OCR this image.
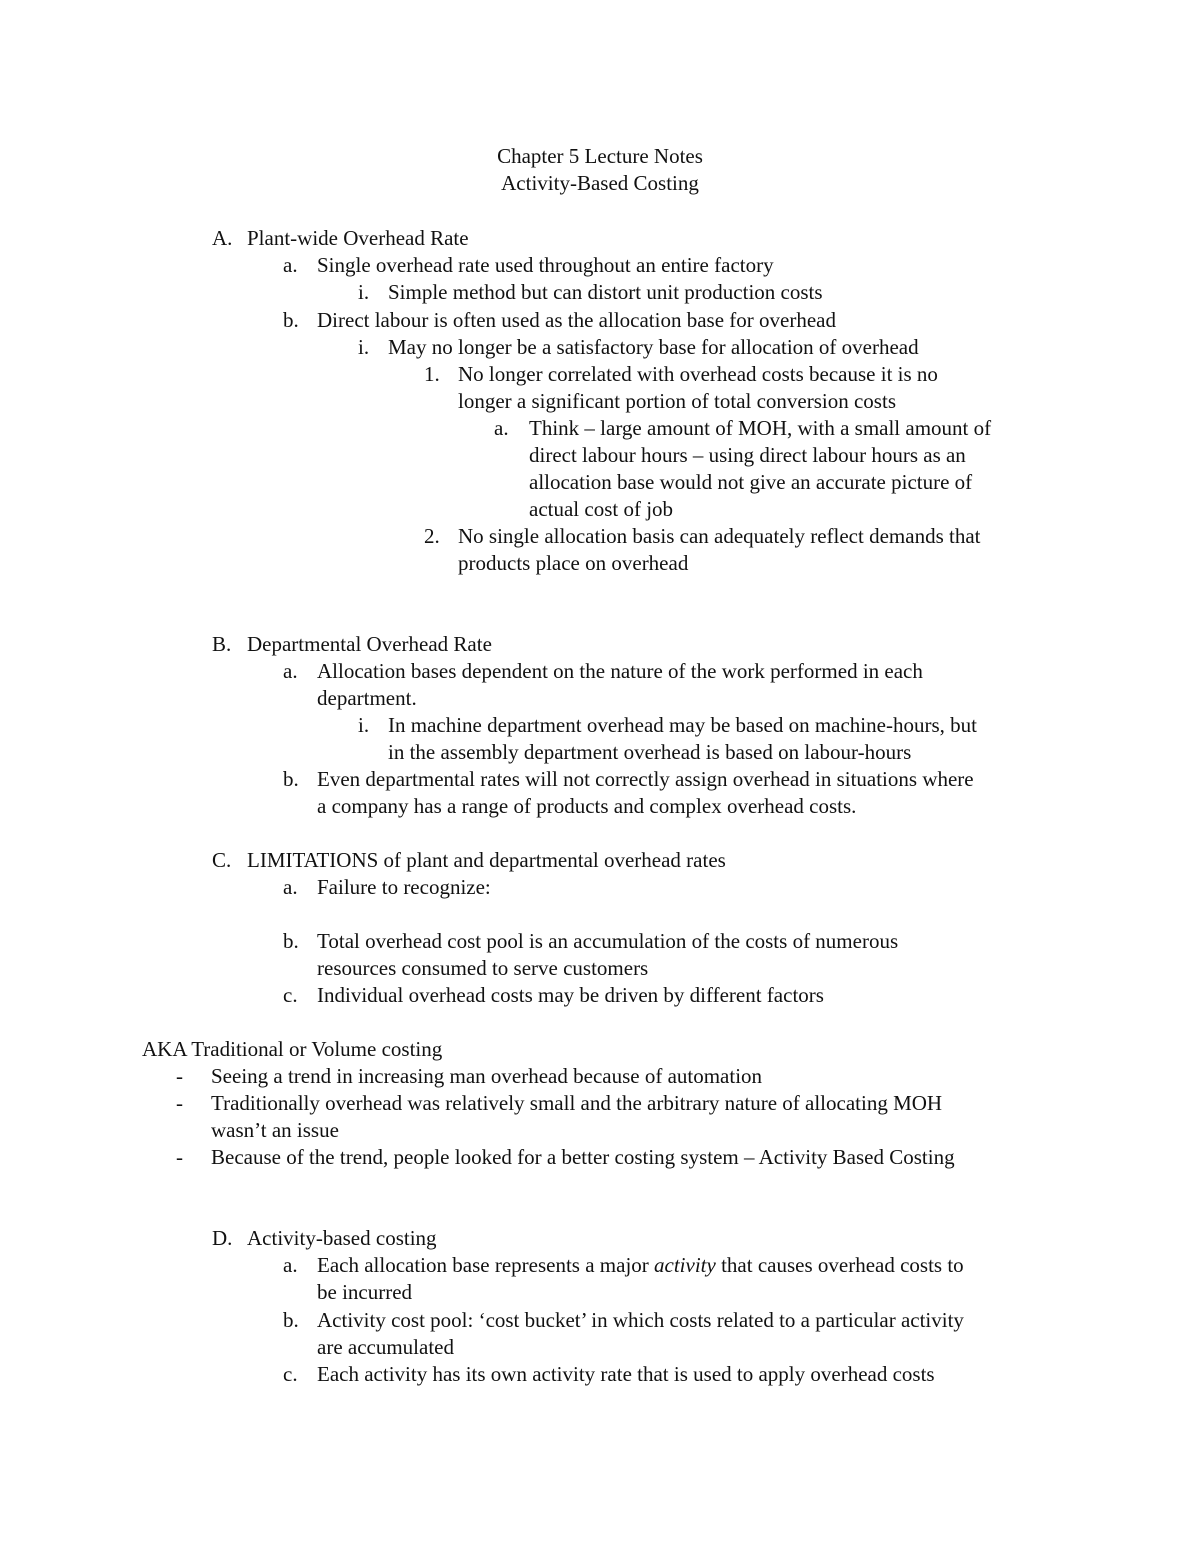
Chapter 5 Lecture Notes
Activity-Based Costing
A. Plant-wide Overhead Rate
a. Single overhead rate used throughout an entire factory
i. Simple method but can distort unit production costs
b. Direct labour is often used as the allocation base for overhead
i. May no longer be a satisfactory base for allocation of overhead
1. No longer correlated with overhead costs because it is no
longer a significant portion of total conversion costs
a. Think – large amount of MOH, with a small amount of
direct labour hours – using direct labour hours as an
allocation base would not give an accurate picture of
actual cost of job
2. No single allocation basis can adequately reflect demands that
products place on overhead
B. Departmental Overhead Rate
a. Allocation bases dependent on the nature of the work performed in each
department.
i. In machine department overhead may be based on machine-hours, but
in the assembly department overhead is based on labour-hours
b. Even departmental rates will not correctly assign overhead in situations where
a company has a range of products and complex overhead costs.
C. LIMITATIONS of plant and departmental overhead rates
a. Failure to recognize:
b. Total overhead cost pool is an accumulation of the costs of numerous
resources consumed to serve customers
c. Individual overhead costs may be driven by different factors
AKA Traditional or Volume costing
- Seeing a trend in increasing man overhead because of automation
- Traditionally overhead was relatively small and the arbitrary nature of allocating MOH
wasn’t an issue
- Because of the trend, people looked for a better costing system – Activity Based Costing
D. Activity-based costing
a. Each allocation base represents a major activity that causes overhead costs to
be incurred
b. Activity cost pool: ‘cost bucket’ in which costs related to a particular activity
are accumulated
c. Each activity has its own activity rate that is used to apply overhead costs
